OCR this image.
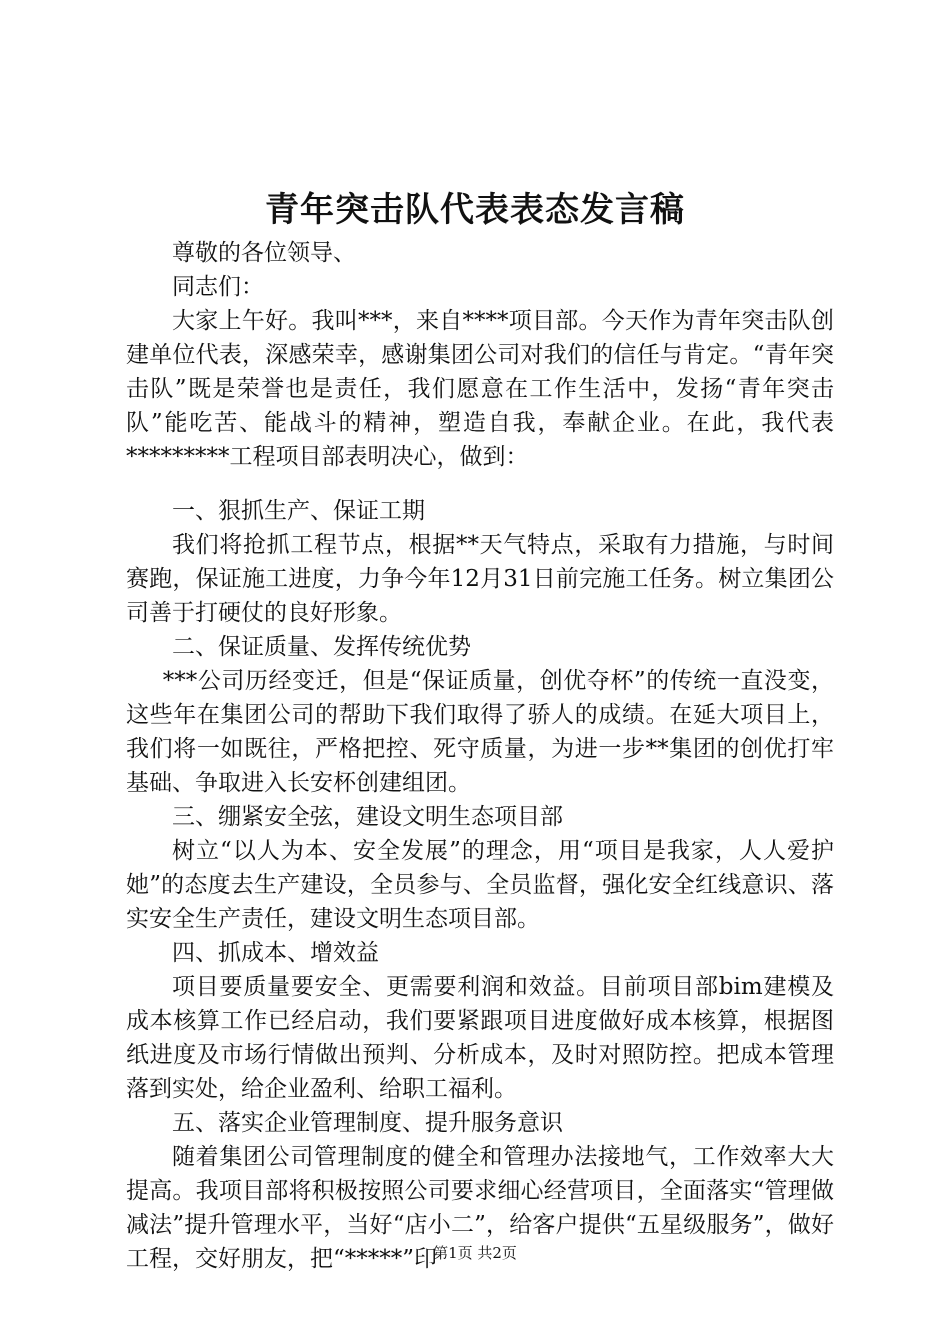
青年突击队代表表态发言稿

尊敬的各位领导、

同志们：

大家上午好。我叫***，来自****项目部。今天作为青年突击队创建单位代表，深感荣幸，感谢集团公司对我们的信任与肯定。“青年突击队”既是荣誉也是责任，我们愿意在工作生活中，发扬“青年突击队”能吃苦、能战斗的精神，塑造自我，奉献企业。在此，我代表*********工程项目部表明决心，做到：

一、狠抓生产、保证工期

我们将抢抓工程节点，根据**天气特点，采取有力措施，与时间赛跑，保证施工进度，力争今年12月31日前完施工任务。树立集团公司善于打硬仗的良好形象。

二、保证质量、发挥传统优势

***公司历经变迁，但是“保证质量，创优夺杯”的传统一直没变，这些年在集团公司的帮助下我们取得了骄人的成绩。在延大项目上，我们将一如既往，严格把控、死守质量，为进一步**集团的创优打牢基础、争取进入长安杯创建组团。

三、绷紧安全弦，建设文明生态项目部

树立“以人为本、安全发展”的理念，用“项目是我家，人人爱护她”的态度去生产建设，全员参与、全员监督，强化安全红线意识、落实安全生产责任，建设文明生态项目部。

四、抓成本、增效益

项目要质量要安全、更需要利润和效益。目前项目部bim建模及成本核算工作已经启动，我们要紧跟项目进度做好成本核算，根据图纸进度及市场行情做出预判、分析成本，及时对照防控。把成本管理落到实处，给企业盈利、给职工福利。

五、落实企业管理制度、提升服务意识

随着集团公司管理制度的健全和管理办法接地气，工作效率大大提高。我项目部将积极按照公司要求细心经营项目，全面落实“管理做减法”提升管理水平，当好“店小二”，给客户提供“五星级服务”，做好工程，交好朋友，把“*****”印

第1页 共2页
